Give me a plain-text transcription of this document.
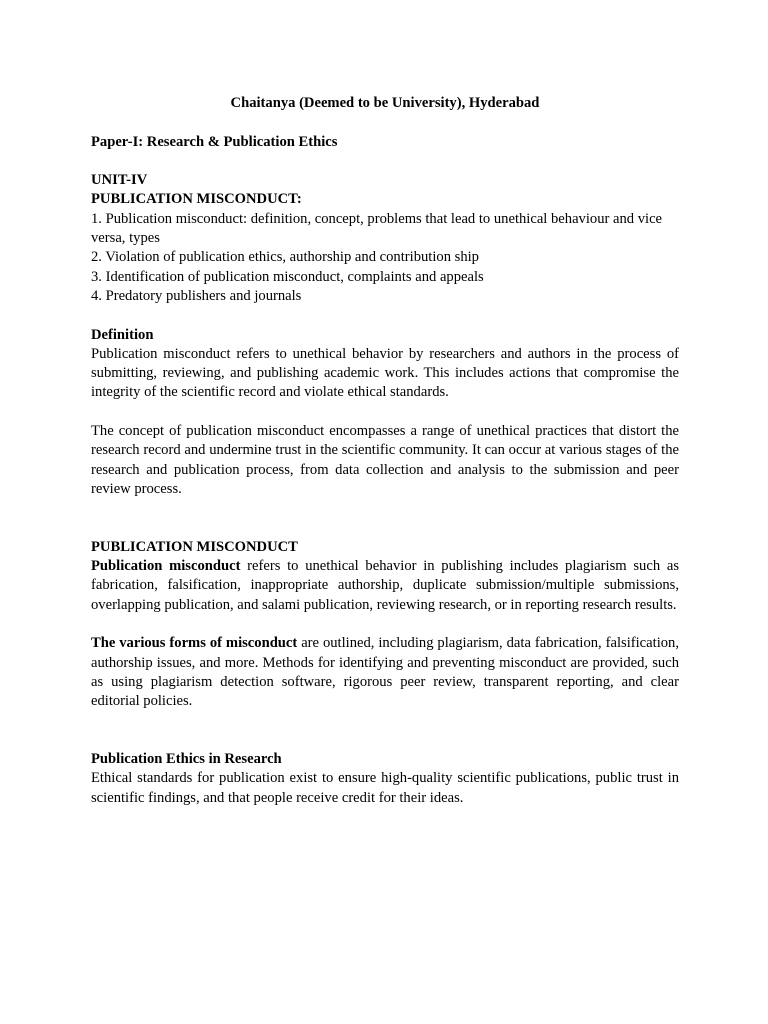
Chaitanya (Deemed to be University), Hyderabad

Paper-I: Research & Publication Ethics

UNIT-IV

PUBLICATION MISCONDUCT:

1. Publication misconduct: definition, concept, problems that lead to unethical behaviour and vice versa, types

2. Violation of publication ethics, authorship and contribution ship

3. Identification of publication misconduct, complaints and appeals

4. Predatory publishers and journals

Definition

Publication misconduct refers to unethical behavior by researchers and authors in the process of submitting, reviewing, and publishing academic work. This includes actions that compromise the integrity of the scientific record and violate ethical standards.

The concept of publication misconduct encompasses a range of unethical practices that distort the research record and undermine trust in the scientific community. It can occur at various stages of the research and publication process, from data collection and analysis to the submission and peer review process.

PUBLICATION MISCONDUCT

Publication misconduct refers to unethical behavior in publishing includes plagiarism such as fabrication, falsification, inappropriate authorship, duplicate submission/multiple submissions, overlapping publication, and salami publication, reviewing research, or in reporting research results.

The various forms of misconduct are outlined, including plagiarism, data fabrication, falsification, authorship issues, and more. Methods for identifying and preventing misconduct are provided, such as using plagiarism detection software, rigorous peer review, transparent reporting, and clear editorial policies.

Publication Ethics in Research

Ethical standards for publication exist to ensure high-quality scientific publications, public trust in scientific findings, and that people receive credit for their ideas.
